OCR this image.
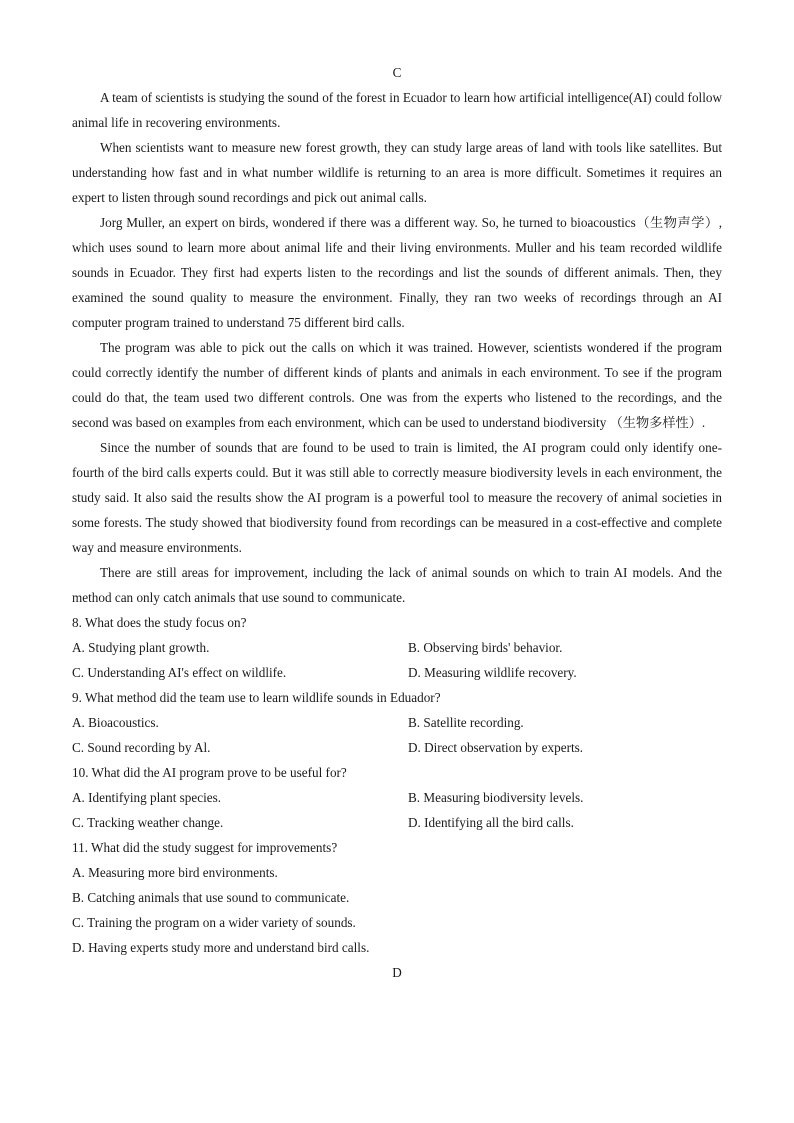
C

A team of scientists is studying the sound of the forest in Ecuador to learn how artificial intelligence(AI) could follow animal life in recovering environments.

When scientists want to measure new forest growth, they can study large areas of land with tools like satellites. But understanding how fast and in what number wildlife is returning to an area is more difficult. Sometimes it requires an expert to listen through sound recordings and pick out animal calls.

Jorg Muller, an expert on birds, wondered if there was a different way. So, he turned to bioacoustics（生物声学）, which uses sound to learn more about animal life and their living environments. Muller and his team recorded wildlife sounds in Ecuador. They first had experts listen to the recordings and list the sounds of different animals. Then, they examined the sound quality to measure the environment. Finally, they ran two weeks of recordings through an AI computer program trained to understand 75 different bird calls.

The program was able to pick out the calls on which it was trained. However, scientists wondered if the program could correctly identify the number of different kinds of plants and animals in each environment. To see if the program could do that, the team used two different controls. One was from the experts who listened to the recordings, and the second was based on examples from each environment, which can be used to understand biodiversity （生物多样性）.

Since the number of sounds that are found to be used to train is limited, the AI program could only identify one-fourth of the bird calls experts could. But it was still able to correctly measure biodiversity levels in each environment, the study said. It also said the results show the AI program is a powerful tool to measure the recovery of animal societies in some forests. The study showed that biodiversity found from recordings can be measured in a cost-effective and complete way and measure environments.

There are still areas for improvement, including the lack of animal sounds on which to train AI models. And the method can only catch animals that use sound to communicate.

8. What does the study focus on?

A. Studying plant growth.	B. Observing birds' behavior.
C. Understanding AI's effect on wildlife.	D. Measuring wildlife recovery.

9. What method did the team use to learn wildlife sounds in Eduador?

A. Bioacoustics.	B. Satellite recording.
C. Sound recording by Al.	D. Direct observation by experts.

10. What did the AI program prove to be useful for?

A. Identifying plant species.	B. Measuring biodiversity levels.
C. Tracking weather change.	D. Identifying all the bird calls.

11. What did the study suggest for improvements?

A. Measuring more bird environments.

B. Catching animals that use sound to communicate.

C. Training the program on a wider variety of sounds.

D. Having experts study more and understand bird calls.

D
